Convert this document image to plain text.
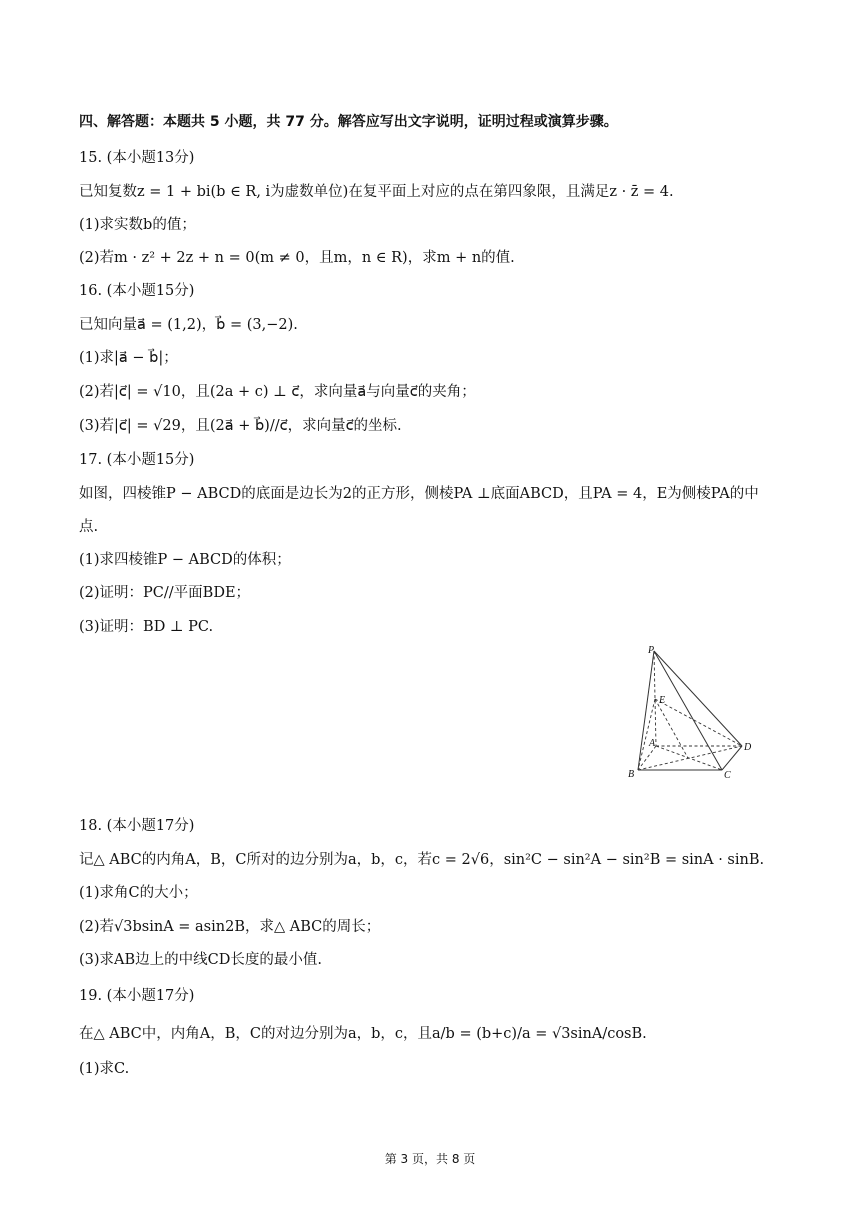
四、解答题：本题共 5 小题，共 77 分。解答应写出文字说明，证明过程或演算步骤。
15. (本小题13分)
已知复数z = 1 + bi(b ∈ R, i为虚数单位)在复平面上对应的点在第四象限，且满足z · z̄ = 4.
(1)求实数b的值；
(2)若m · z² + 2z + n = 0(m ≠ 0，且m，n ∈ R)，求m + n的值.
16. (本小题15分)
已知向量a⃗ = (1,2)，b⃗ = (3,−2).
(1)求|a⃗ − b⃗|；
(2)若|c⃗| = √10，且(2a + c) ⊥ c⃗，求向量a⃗与向量c⃗的夹角；
(3)若|c⃗| = √29，且(2a⃗ + b⃗)//c⃗，求向量c⃗的坐标.
17. (本小题15分)
如图，四棱锥P − ABCD的底面是边长为2的正方形，侧棱PA ⊥底面ABCD，且PA = 4，E为侧棱PA的中
点.
(1)求四棱锥P − ABCD的体积；
(2)证明：PC//平面BDE；
(3)证明：BD ⊥ PC.
P
E
A
B	C
D
18. (本小题17分)
记△ ABC的内角A，B，C所对的边分别为a，b，c，若c = 2√6，sin²C − sin²A − sin²B = sinA · sinB.
(1)求角C的大小；
(2)若√3bsinA = asin2B，求△ ABC的周长；
(3)求AB边上的中线CD长度的最小值.
19. (本小题17分)
在△ ABC中，内角A，B，C的对边分别为a，b，c，且a/b = (b+c)/a = √3sinA/cosB.
(1)求C.
第 3 页，共 8 页
